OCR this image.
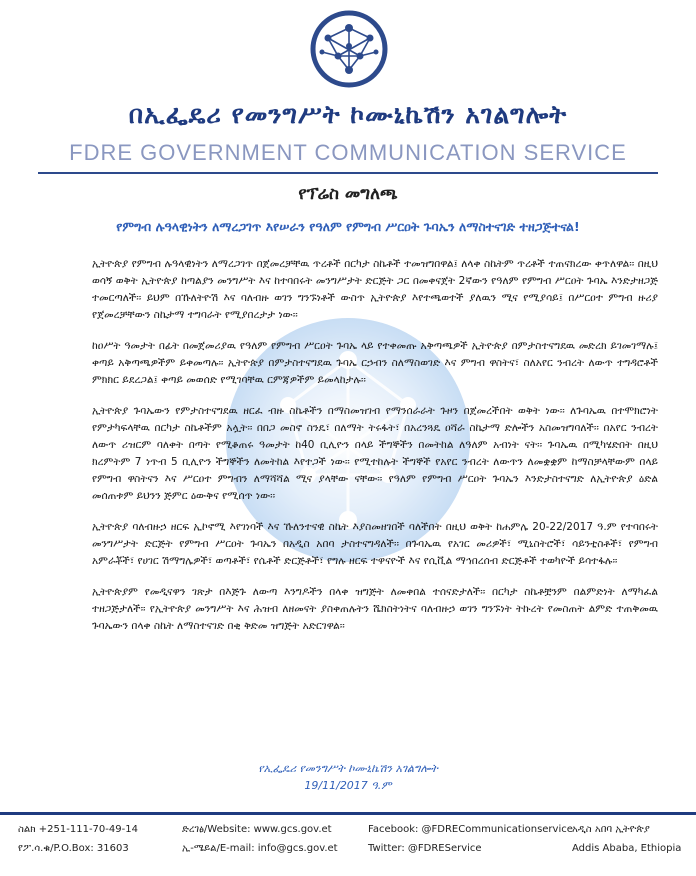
በኢፌዴሪ የመንግሥት ኮሙኒኬሽን አገልግሎት
FDRE GOVERNMENT COMMUNICATION SERVICE
የፕሬስ መግለጫ
የምግብ ሉዓላዊነትን ለማረጋገጥ እየሠራን የዓለም የምግብ ሥርዐት ጉባኤን ለማስተናገድ ተዘጋጅተናል!

ኢትዮጵያ የምግብ ሉዓላዊነትን ለማረጋገጥ በጀመረቻቸዉ ጥረቶች በርካታ ስኬቶች ተመዝግበዋል፤ ለላቀ ስኬትም ጥረቶች ተጠናክረው ቀጥለዋል፡፡ በዚህ ወሳኝ ወቅት ኢትዮጵያ ከጣልያን መንግሥት እና ከተባበሩት መንግሥታት ድርጅት ጋር በመቀናጀት 2ኛውን የዓለም የምግብ ሥርዐት ጉባኤ እንድታዘጋጅ ተመርጣለች፡፡ ይህም በኹለትዮሽ እና ባለብዙ ወገን ግንኙነቶች ውስጥ ኢትዮጵያ እየተጫወተች ያለዉን ሚና የሚያሳይ፤ በሥርዐተ ምግብ ዙሪያ የጀመረቻቸውን ስኬታማ ተግባራት የሚያበረታታ ነው፡፡

ከዐሥት ዓመታት በፊት በመጀመሪያዉ የዓለም የምግብ ሥርዐት ጉባኤ ላይ የተቀመጡ አቅጣጫዎች ኢትዮጵያ በምታስተናግደዉ መድረክ ይገመገማሉ፤ ቀጣይ አቅጣጫዎችም ይቀመጣሉ፡፡ ኢትዮጵያ በምታስተናግደዉ ጉባኤ ርኃብን ስለማስወገድ እና ምግብ ዋስትና፣ ስለአየር ንብረት ለውጥ ተግዳሮቶች ምክክር ይደረጋል፤ ቀጣይ መወሰድ የሚገባቸዉ ርምጃዎችም ይመላከታሉ፡፡

ኢትዮጵያ ጉባኤውን የምታስተናግደዉ ዘርፈ ብዙ ስኬቶችን በማስመዝገብ የማንሰራራት ጉዞን በጀመረችበት ወቅት ነው፡፡ ለጉባኤዉ በተሞክሮነት የምታካፍላቸዉ በርካታ ስኬቶችም አሏት፡፡ በበጋ መስኖ ስንዴ፣ በለማት ትሩፋት፣ በአረንጓዴ ዐሻራ ስኬታማ ድሎችን አስመዝግባለች፡፡ በአየር ንብረት ለውጥ ሪዝርም ባለቀት በጣት የሚቆጠሩ ዓመታት ከ40 ቢሊዮን በላይ ችግኞችን በመትከል ለዓለም አብነት ናት፡፡ ጉባኤዉ በሚካሄድበት በዚህ ክረምትም 7 ነጥብ 5 ቢሊዮን ችግኞችን ለመትከል እየተጋች ነው፡፡ የሚተከሉት ችግኞች የአየር ንብረት ለውጥን ለመቋቋም ከማስቻላቸውም በላይ የምግብ ዋስትናን እና ሥርዐተ ምግብን ለማሻሻል ሚና ያላቸው ናቸው፡፡ የዓለም የምግብ ሥርዐት ጉባኤን እንድታስተናግድ ለኢትዮጵያ ዕድል መሰጠቱም ይህንን ጅምር ዕውቅና የሚሰጥ ነው፡፡

ኢትዮጵያ ባለብዙኃ ዘርፍ ኢኮኖሚ እየገነባች እና ኹለንተናዊ ስኬት እያስመዘገበች ባለችበት በዚህ ወቅት ከሐምሌ 20-22/2017 ዓ.ም የተባበሩት መንግሥታት ድርጅት የምግብ ሥርዐት ጉባኤን በአዲስ አበባ ታስተናግዳለች፡፡ በጉባኤዉ የአገር መሪዎች፣ ሚኒስትሮች፣ ሳይንቲስቶች፣ የምግብ አምራቾች፣ የሀገር ሽማግሌዎች፣ ወጣቶች፣ የሴቶች ድርጅቶች፣ የግሉ ዘርፍ ተዋናዮች እና የሲቪል ማኅበረሰብ ድርጅቶች ተወካዮች ይሳተፋሉ፡፡

ኢትዮጵያም የመዲናዋን ገጽታ በእጅጉ ለውጣ እንግዶችን በላቀ ዝግጅት ለመቀበል ተሰናድታለች፡፡ በርካታ ስኬቶቿንም በልምድነት ለማካፈል ተዘጋጅታለች፡፡ የኢትዮጵያ መንግሥት እና ሕዝብ ለዘመናት ያስቀጠሉትን ሼክስትነትና ባለብዙኃ ወገን ግንኙነት ትኩረት የመስጠት ልምድ ተጠቅመዉ ጉባኤውን በላቀ ስኬት ለማስተናገድ በቂ ቅድመ ዝግጅት አድርገዋል፡፡

የኢፌዴሪ የመንግሥት ኮሙኒኬሽን አገልግሎት
19/11/2017 ዓ.ም
ስልክ +251-111-70-49-14
የፖ.ሳ.ቁ/P.O.Box: 31603
ድረገፅ/Website: www.gcs.gov.et
ኢ-ሜይል/E-mail: info@gcs.gov.et
Facebook: @FDRECommunicationservice
Twitter: @FDREService
አዲስ አበባ ኢትዮጵያ
Addis Ababa, Ethiopia
